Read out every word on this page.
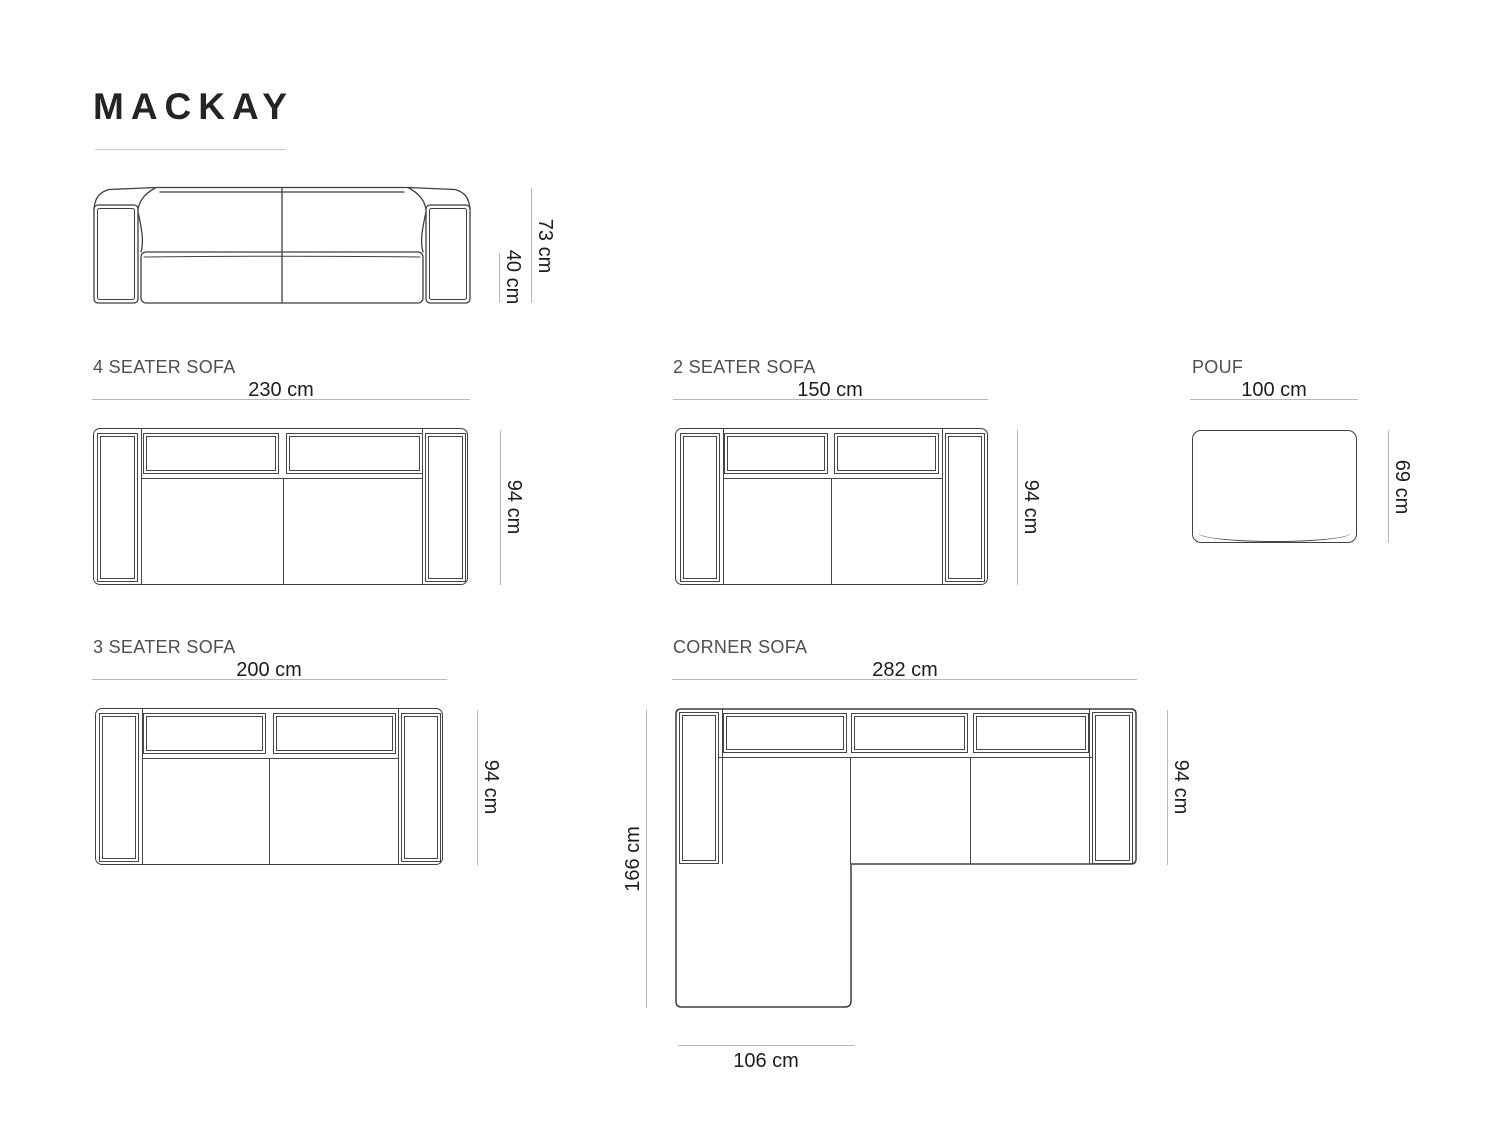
MACKAY
73 cm
40 cm
4 SEATER SOFA
230 cm
94 cm
2 SEATER SOFA
150 cm
94 cm
POUF
100 cm
69 cm
3 SEATER SOFA
200 cm
94 cm
CORNER SOFA
282 cm
94 cm
166 cm
106 cm
